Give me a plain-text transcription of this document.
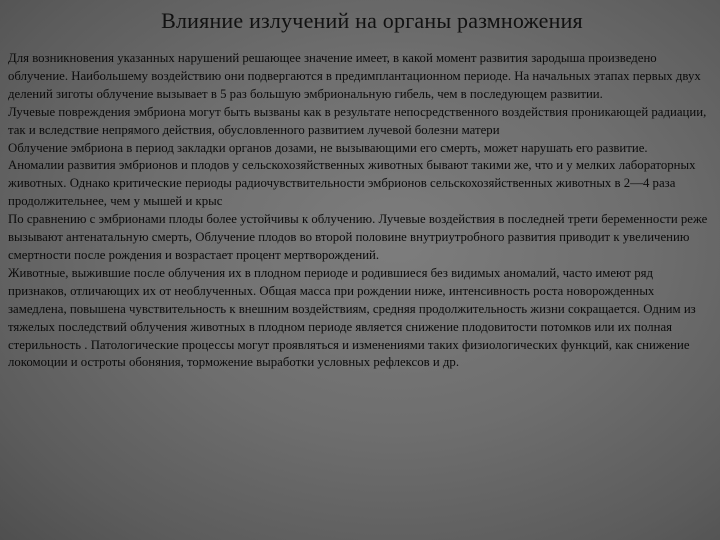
Влияние излучений на органы размножения

Для возникновения указанных нарушений решающее значение имеет, в какой момент развития зародыша произведено облучение. Наибольшему воздействию они подвергаются в предимплантационном периоде. На начальных этапах первых двух делений зиготы облучение вызывает в 5 раз большую эмбриональную гибель, чем в последующем развитии.

Лучевые повреждения эмбриона могут быть вызваны как в результате непосредственного воздействия проникающей радиации, так и вследствие непрямого действия, обусловленного развитием лучевой болезни матери

Облучение эмбриона в период закладки органов дозами, не вызывающими его смерть, может нарушать его развитие.

Аномалии развития эмбрионов и плодов у сельскохозяйственных животных бывают такими же, что и у мелких лабораторных животных. Однако критические периоды радиочувствительности эмбрионов сельскохозяйственных животных в 2—4 раза продолжительнее, чем у мышей и крыс

По сравнению с эмбрионами плоды более устойчивы к облучению. Лучевые воздействия в последней трети беременности реже вызывают антенатальную смерть, Облучение плодов во второй половине внутриутробного развития приводит к увеличению смертности после рождения и возрастает процент мертворождений.

Животные, выжившие после облучения их в плодном периоде и родившиеся без видимых аномалий, часто имеют ряд признаков, отличающих их от необлученных. Общая масса при рождении ниже, интенсивность роста новорожденных замедлена, повышена чувствительность к внешним воздействиям, средняя продолжительность жизни сокращается. Одним из тяжелых последствий облучения животных в плодном периоде является снижение плодовитости потомков или их полная стерильность . Патологические процессы могут проявляться и изменениями таких физиологических функций, как снижение локомоции и остроты обоняния, торможение выработки условных рефлексов и др.
